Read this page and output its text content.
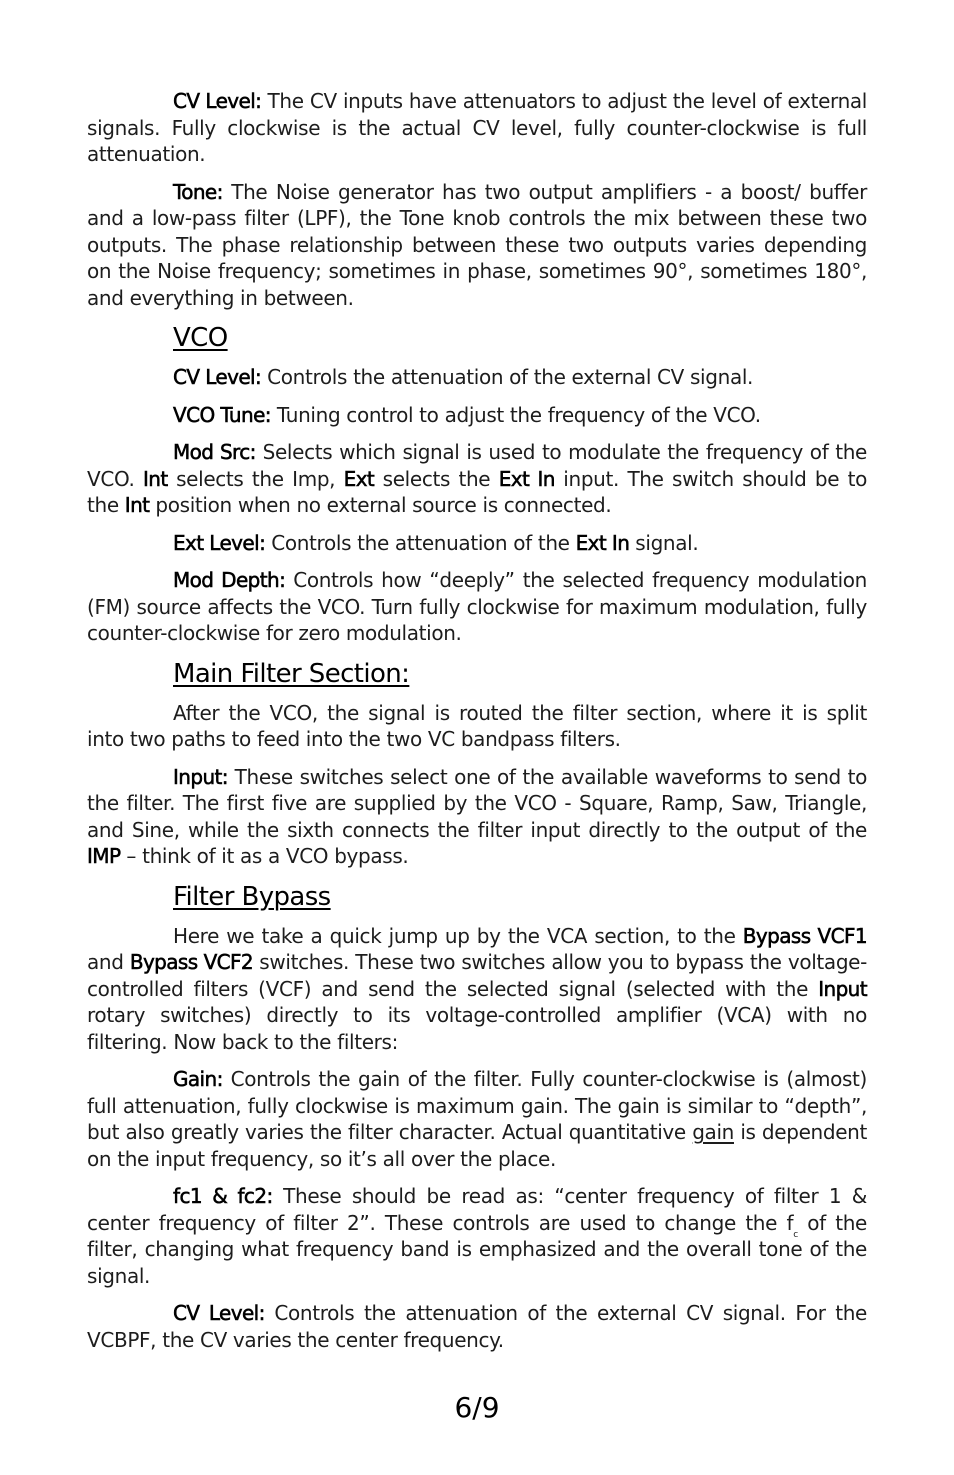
CV Level: The CV inputs have attenuators to adjust the level of external signals. Fully clockwise is the actual CV level, fully counter-clockwise is full attenuation.

Tone: The Noise generator has two output amplifiers - a boost/ buffer and a low-pass filter (LPF), the Tone knob controls the mix between these two outputs. The phase relationship between these two outputs varies depending on the Noise frequency; sometimes in phase, sometimes 90°, sometimes 180°, and everything in between.

VCO

CV Level: Controls the attenuation of the external CV signal.

VCO Tune: Tuning control to adjust the frequency of the VCO.

Mod Src: Selects which signal is used to modulate the frequency of the VCO. Int selects the Imp, Ext selects the Ext In input. The switch should be to the Int position when no external source is connected.

Ext Level: Controls the attenuation of the Ext In signal.

Mod Depth: Controls how “deeply” the selected frequency modulation (FM) source affects the VCO. Turn fully clockwise for maximum modulation, fully counter-clockwise for zero modulation.

Main Filter Section:

After the VCO, the signal is routed the filter section, where it is split into two paths to feed into the two VC bandpass filters.

Input: These switches select one of the available waveforms to send to the filter. The first five are supplied by the VCO - Square, Ramp, Saw, Triangle, and Sine, while the sixth connects the filter input directly to the output of the IMP – think of it as a VCO bypass.

Filter Bypass

Here we take a quick jump up by the VCA section, to the Bypass VCF1 and Bypass VCF2 switches. These two switches allow you to bypass the voltage-controlled filters (VCF) and send the selected signal (selected with the Input rotary switches) directly to its voltage-controlled amplifier (VCA) with no filtering. Now back to the filters:

Gain: Controls the gain of the filter. Fully counter-clockwise is (almost) full attenuation, fully clockwise is maximum gain. The gain is similar to “depth”, but also greatly varies the filter character. Actual quantitative gain is dependent on the input frequency, so it’s all over the place.

fc1 & fc2: These should be read as: “center frequency of filter 1 & center frequency of filter 2”. These controls are used to change the $f_c$ of the filter, changing what frequency band is emphasized and the overall tone of the signal.

CV Level: Controls the attenuation of the external CV signal. For the VCBPF, the CV varies the center frequency.

6/9
